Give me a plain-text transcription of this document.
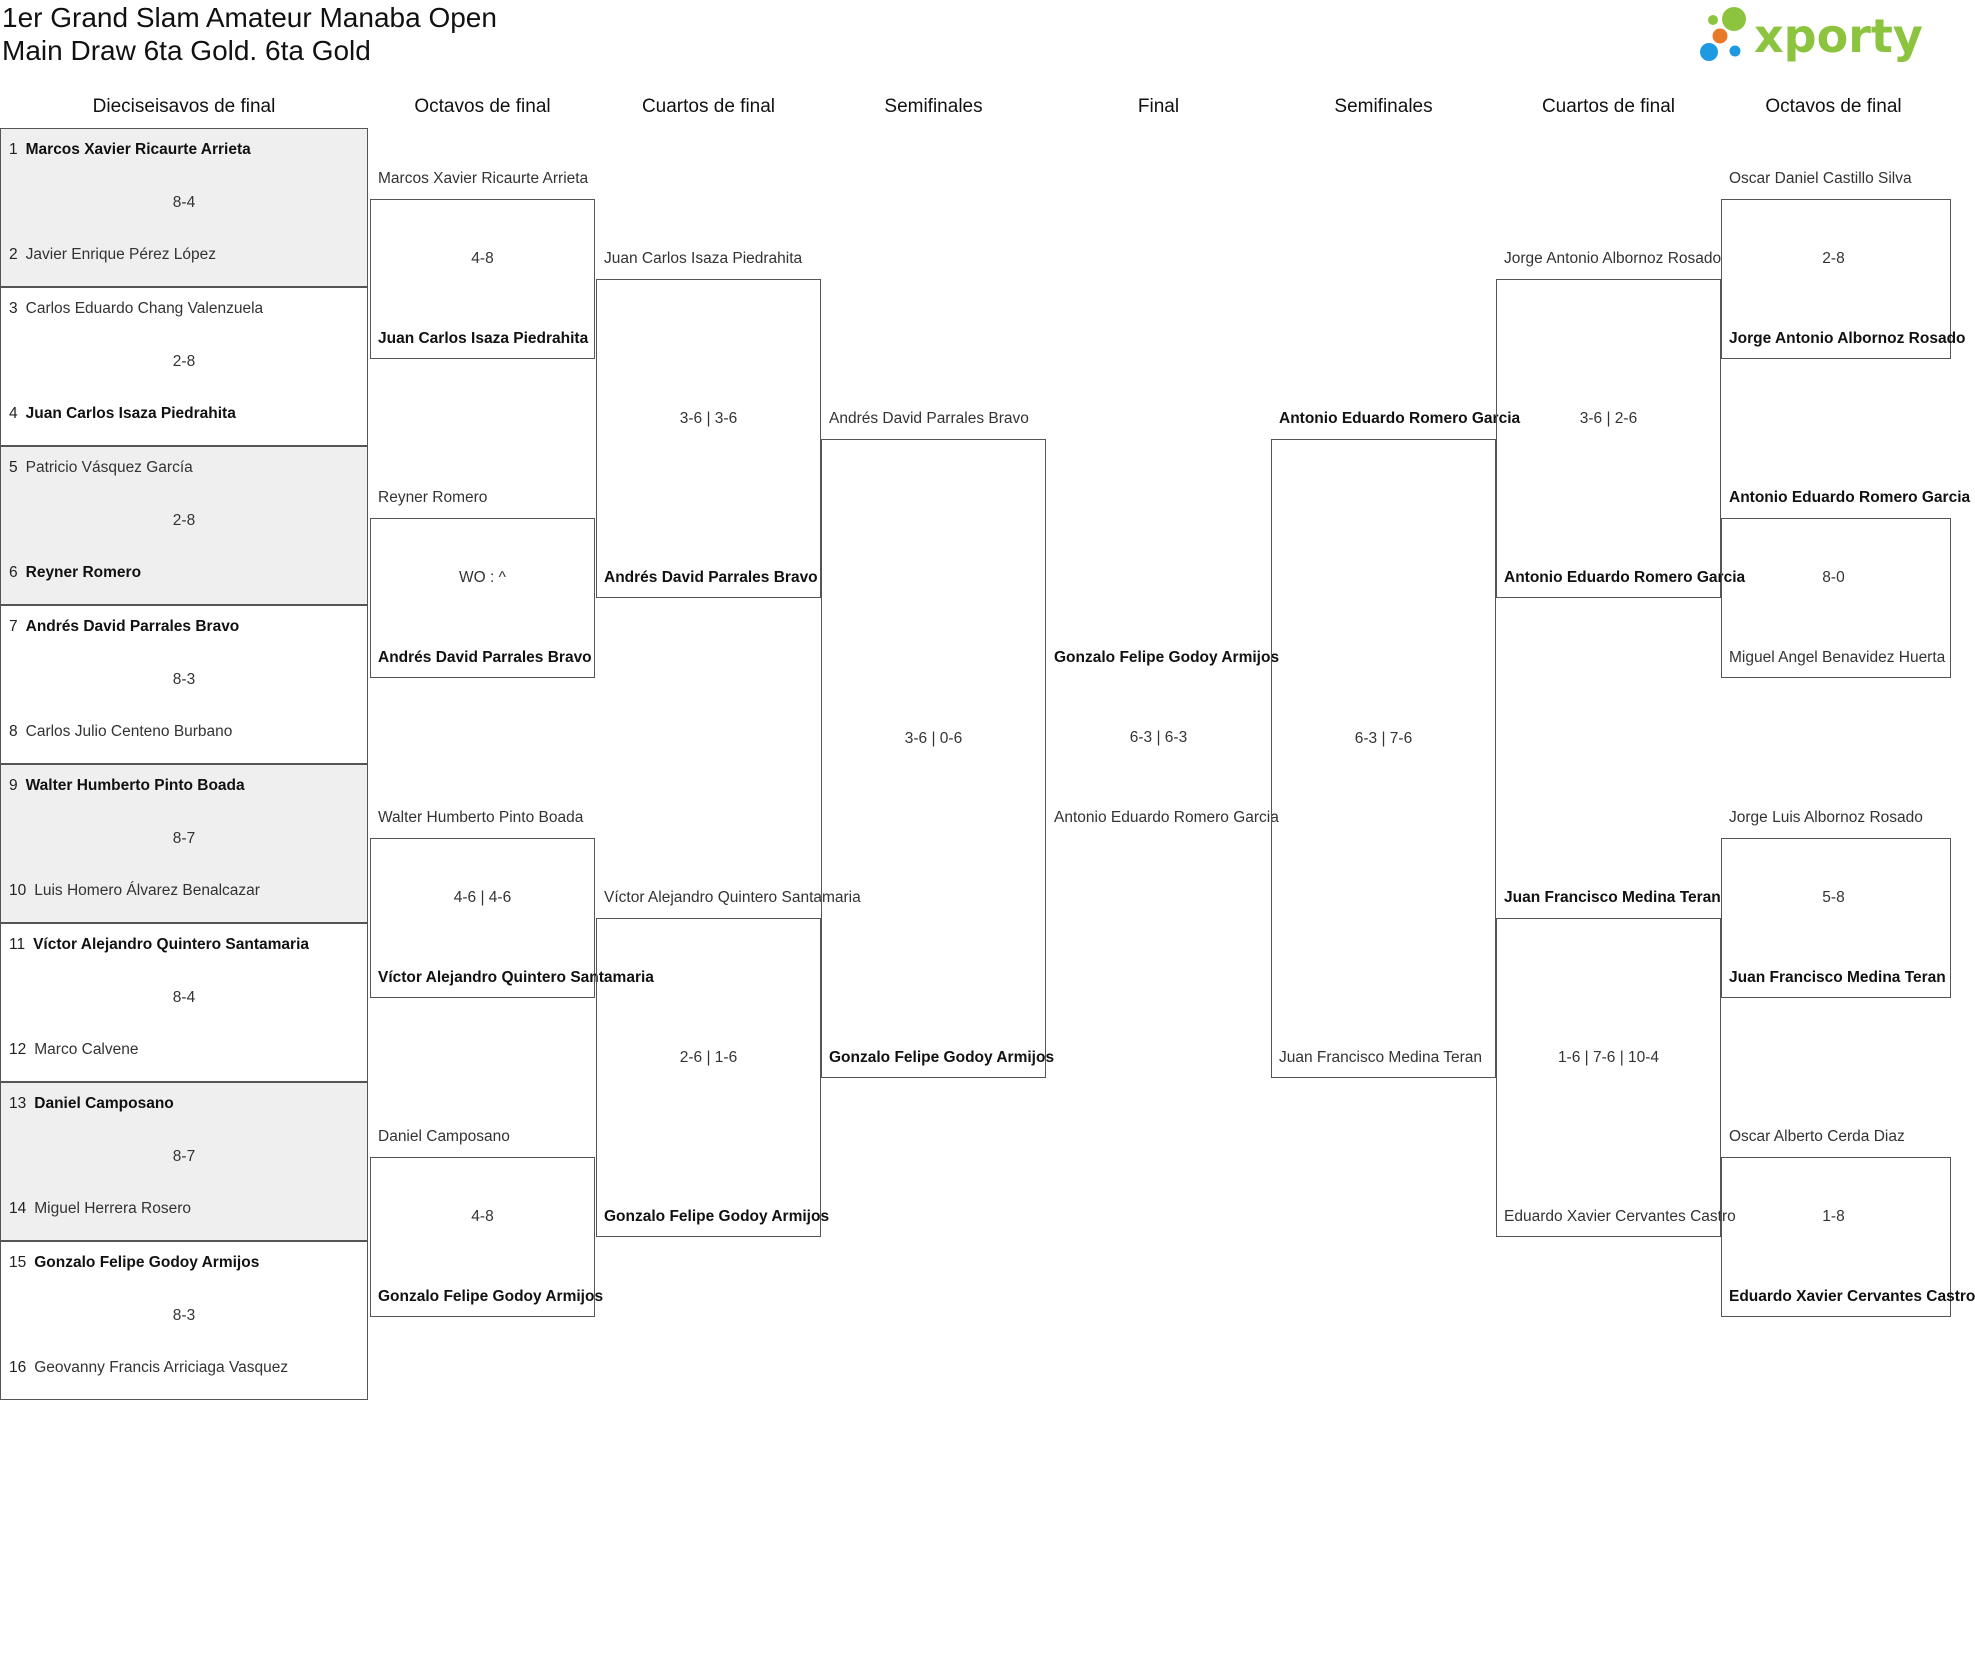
1er Grand Slam Amateur Manaba Open
Main Draw 6ta Gold. 6ta Gold	xporty
Dieciseisavos de final	Octavos de final	Cuartos de final	Semifinales	Final	Semifinales	Cuartos de final	Octavos de final
1 Marcos Xavier Ricaurte Arrieta
2 Javier Enrique Pérez López
8-4
3 Carlos Eduardo Chang Valenzuela
4 Juan Carlos Isaza Piedrahita
2-8
5 Patricio Vásquez García
6 Reyner Romero
2-8
7 Andrés David Parrales Bravo
8 Carlos Julio Centeno Burbano
8-3
9 Walter Humberto Pinto Boada
10 Luis Homero Álvarez Benalcazar
8-7
11 Víctor Alejandro Quintero Santamaria
12 Marco Calvene
8-4
13 Daniel Camposano
14 Miguel Herrera Rosero
8-7
15 Gonzalo Felipe Godoy Armijos
16 Geovanny Francis Arriciaga Vasquez
8-3
Marcos Xavier Ricaurte Arrieta
4-8
Juan Carlos Isaza Piedrahita
Reyner Romero
WO : ^
Andrés David Parrales Bravo
Walter Humberto Pinto Boada
4-6 | 4-6
Víctor Alejandro Quintero Santamaria
Daniel Camposano
4-8
Gonzalo Felipe Godoy Armijos
Juan Carlos Isaza Piedrahita
3-6 | 3-6
Andrés David Parrales Bravo
Víctor Alejandro Quintero Santamaria
2-6 | 1-6
Gonzalo Felipe Godoy Armijos
Andrés David Parrales Bravo
3-6 | 0-6
Gonzalo Felipe Godoy Armijos
Gonzalo Felipe Godoy Armijos
6-3 | 6-3
Antonio Eduardo Romero Garcia
Antonio Eduardo Romero Garcia
6-3 | 7-6
Juan Francisco Medina Teran
Jorge Antonio Albornoz Rosado
3-6 | 2-6
Antonio Eduardo Romero Garcia
Juan Francisco Medina Teran
1-6 | 7-6 | 10-4
Eduardo Xavier Cervantes Castro
Oscar Daniel Castillo Silva
2-8
Jorge Antonio Albornoz Rosado
Antonio Eduardo Romero Garcia
8-0
Miguel Angel Benavidez Huerta
Jorge Luis Albornoz Rosado
5-8
Juan Francisco Medina Teran
Oscar Alberto Cerda Diaz
1-8
Eduardo Xavier Cervantes Castro
